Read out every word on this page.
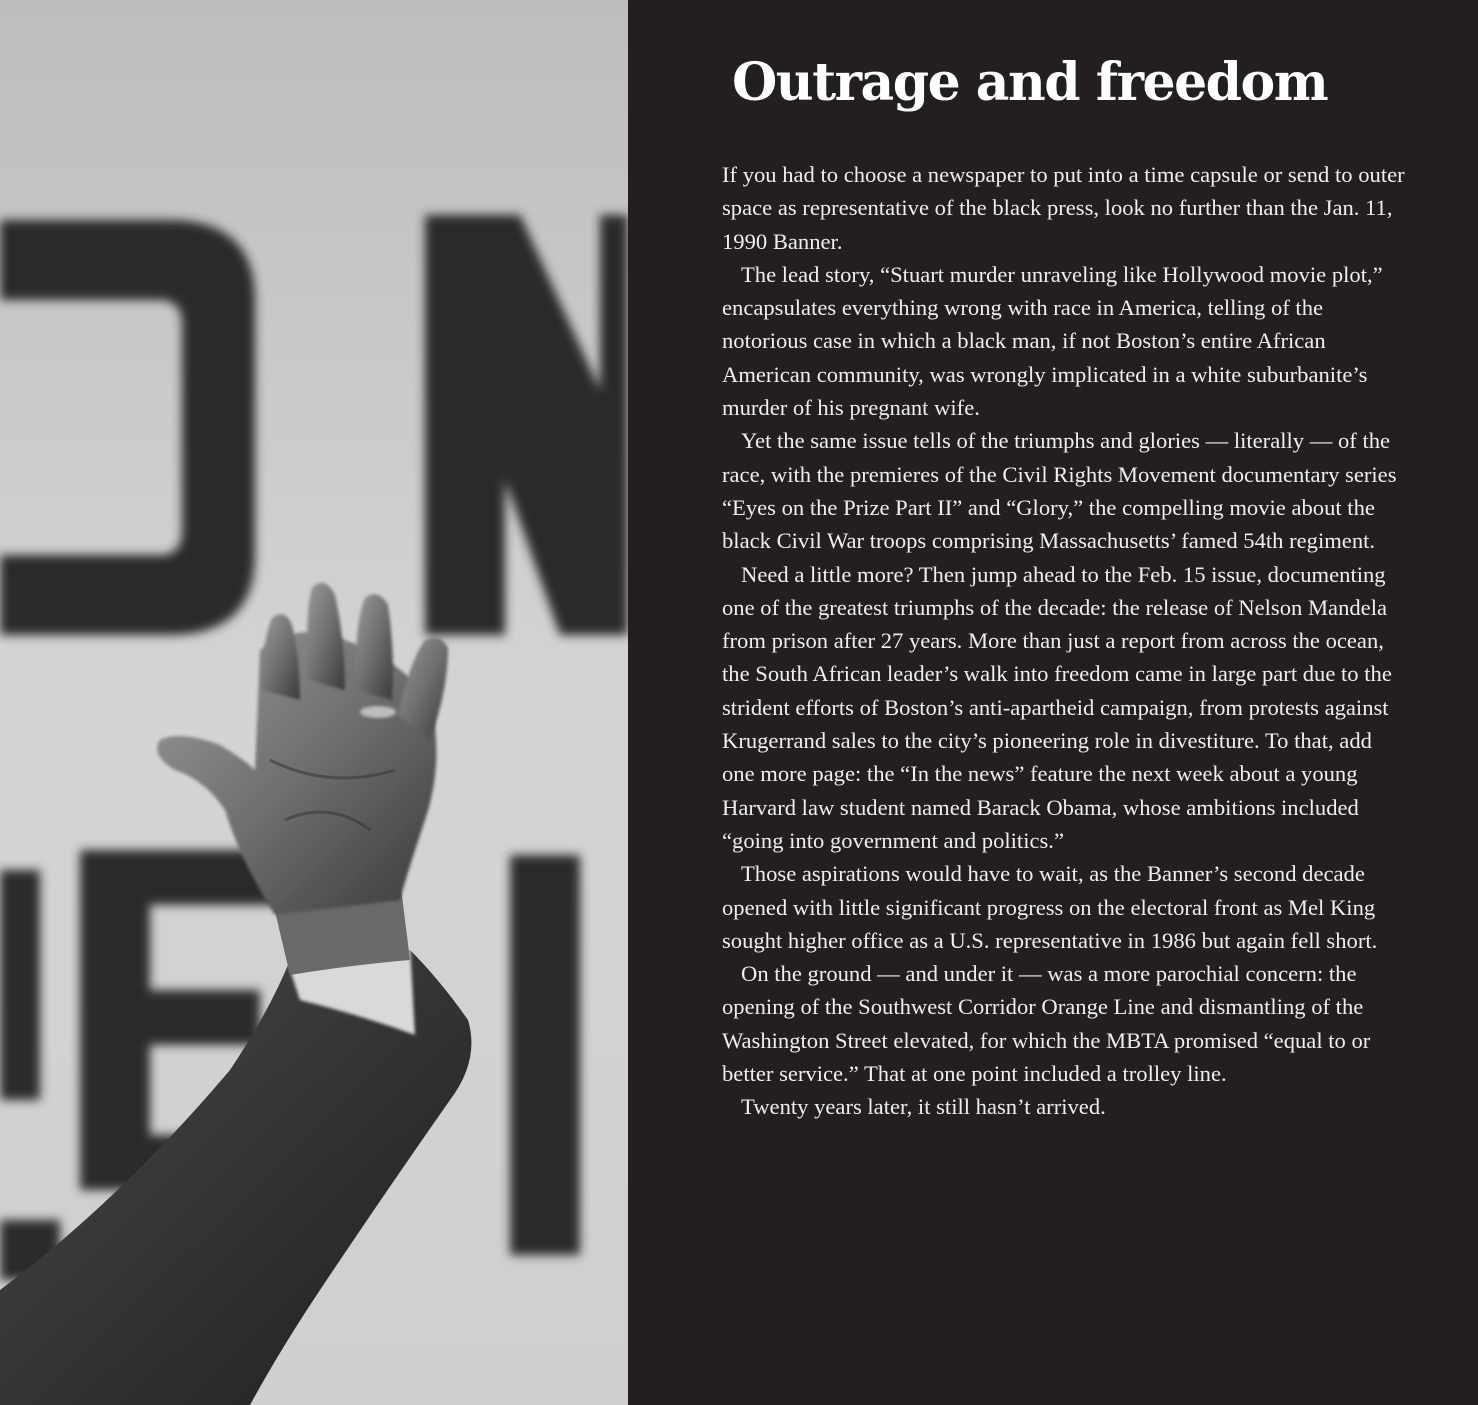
Outrage and freedom

If you had to choose a newspaper to put into a time capsule or send to outer space as representative of the black press, look no further than the Jan. 11, 1990 Banner.

The lead story, “Stuart murder unraveling like Hollywood movie plot,” encapsulates everything wrong with race in America, telling of the notorious case in which a black man, if not Boston’s entire African American community, was wrongly implicated in a white suburbanite’s murder of his pregnant wife.

Yet the same issue tells of the triumphs and glories — literally — of the race, with the premieres of the Civil Rights Movement documentary series “Eyes on the Prize Part II” and “Glory,” the compelling movie about the black Civil War troops comprising Massachusetts’ famed 54th regiment.

Need a little more? Then jump ahead to the Feb. 15 issue, documenting one of the greatest triumphs of the decade: the release of Nelson Mandela from prison after 27 years. More than just a report from across the ocean, the South African leader’s walk into freedom came in large part due to the strident efforts of Boston’s anti-apartheid campaign, from protests against Krugerrand sales to the city’s pioneering role in divestiture. To that, add one more page: the “In the news” feature the next week about a young Harvard law student named Barack Obama, whose ambitions included “going into government and politics.”

Those aspirations would have to wait, as the Banner’s second decade opened with little significant progress on the electoral front as Mel King sought higher office as a U.S. representative in 1986 but again fell short.

On the ground — and under it — was a more parochial concern: the opening of the Southwest Corridor Orange Line and dismantling of the Washington Street elevated, for which the MBTA promised “equal to or better service.” That at one point included a trolley line.

Twenty years later, it still hasn’t arrived.
